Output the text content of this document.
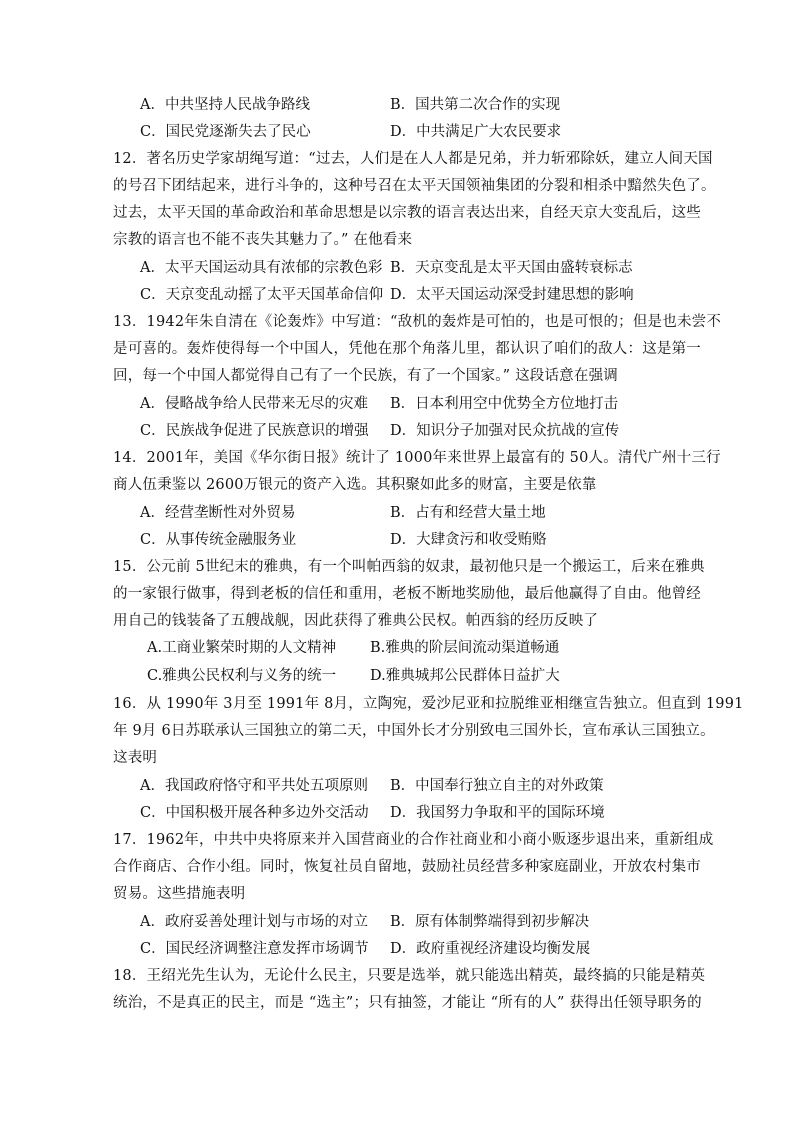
A．中共坚持人民战争路线	B．国共第二次合作的实现
C．国民党逐渐失去了民心	D．中共满足广大农民要求
12．著名历史学家胡绳写道：“过去，人们是在人人都是兄弟，并力斩邪除妖，建立人间天国
的号召下团结起来，进行斗争的，这种号召在太平天国领袖集团的分裂和相杀中黯然失色了。
过去，太平天国的革命政治和革命思想是以宗教的语言表达出来，自经天京大变乱后，这些
宗教的语言也不能不丧失其魅力了。” 在他看来
A．太平天国运动具有浓郁的宗教色彩 B．天京变乱是太平天国由盛转衰标志
C．天京变乱动摇了太平天国革命信仰 D．太平天国运动深受封建思想的影响
13．1942年朱自清在《论轰炸》中写道：“敌机的轰炸是可怕的，也是可恨的；但是也未尝不
是可喜的。轰炸使得每一个中国人，凭他在那个角落儿里，都认识了咱们的敌人：这是第一
回，每一个中国人都觉得自己有了一个民族，有了一个国家。” 这段话意在强调
A．侵略战争给人民带来无尽的灾难 B．日本利用空中优势全方位地打击
C．民族战争促进了民族意识的增强 D．知识分子加强对民众抗战的宣传
14．2001年，美国《华尔街日报》统计了 1000年来世界上最富有的 50人。清代广州十三行
商人伍秉鉴以 2600万银元的资产入选。其积聚如此多的财富，主要是依靠
A．经营垄断性对外贸易	B．占有和经营大量土地
C．从事传统金融服务业	D．大肆贪污和收受贿赂
15．公元前 5世纪末的雅典，有一个叫帕西翁的奴隶，最初他只是一个搬运工，后来在雅典
的一家银行做事，得到老板的信任和重用，老板不断地奖励他，最后他赢得了自由。他曾经
用自己的钱装备了五艘战舰，因此获得了雅典公民权。帕西翁的经历反映了
A.工商业繁荣时期的人文精神 B.雅典的阶层间流动渠道畅通
C.雅典公民权利与义务的统一 D.雅典城邦公民群体日益扩大
16．从 1990年 3月至 1991年 8月，立陶宛，爱沙尼亚和拉脱维亚相继宣告独立。但直到 1991
年 9月 6日苏联承认三国独立的第二天，中国外长才分别致电三国外长，宣布承认三国独立。
这表明
A．我国政府恪守和平共处五项原则 B．中国奉行独立自主的对外政策
C．中国积极开展各种多边外交活动 D．我国努力争取和平的国际环境
17．1962年，中共中央将原来并入国营商业的合作社商业和小商小贩逐步退出来，重新组成
合作商店、合作小组。同时，恢复社员自留地，鼓励社员经营多种家庭副业，开放农村集市
贸易。这些措施表明
A．政府妥善处理计划与市场的对立 B．原有体制弊端得到初步解决
C．国民经济调整注意发挥市场调节 D．政府重视经济建设均衡发展
18．王绍光先生认为，无论什么民主，只要是选举，就只能选出精英，最终搞的只能是精英
统治，不是真正的民主，而是 “选主”；只有抽签，才能让 “所有的人” 获得出任领导职务的
